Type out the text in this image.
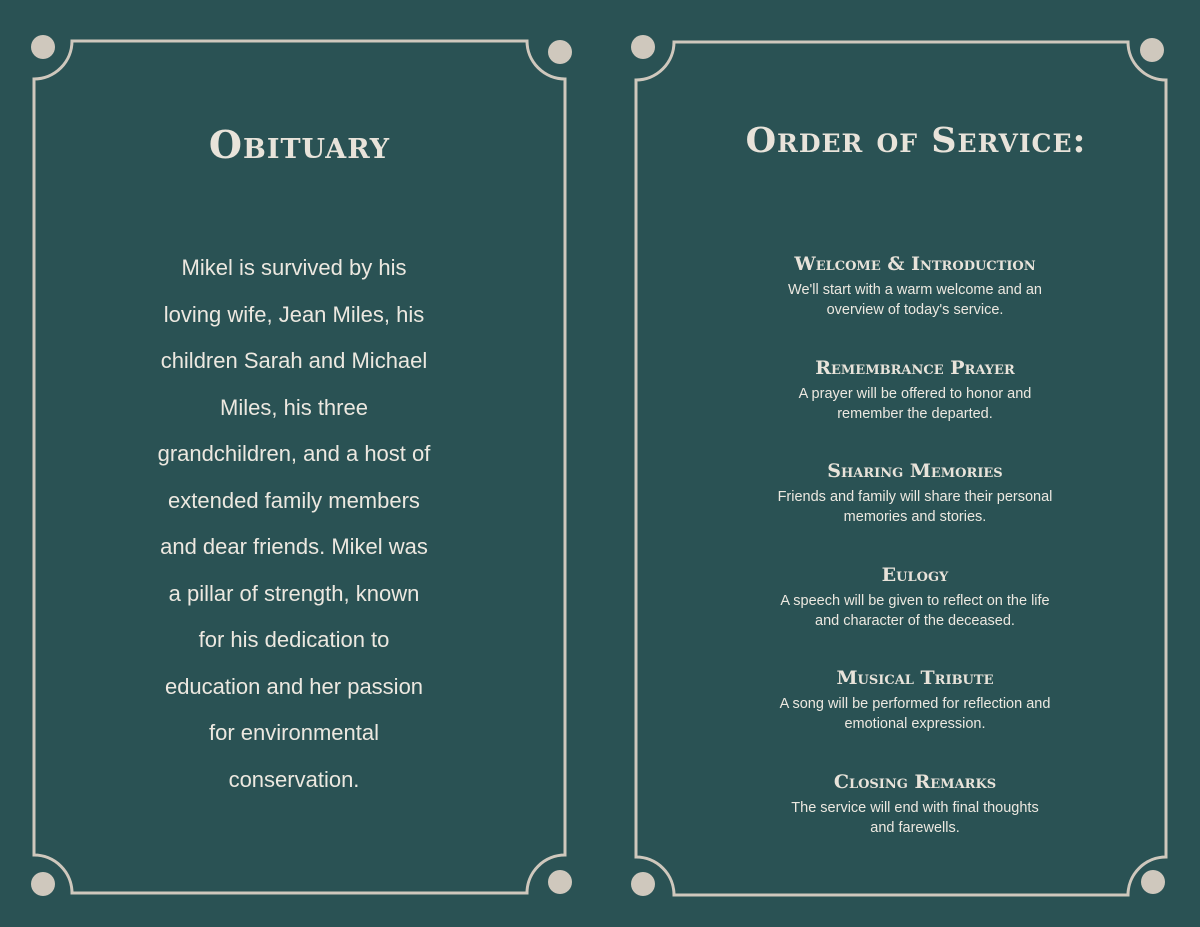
Obituary
Mikel is survived by his
loving wife, Jean Miles, his
children Sarah and Michael
Miles, his three
grandchildren, and a host of
extended family members
and dear friends. Mikel was
a pillar of strength, known
for his dedication to
education and her passion
for environmental
conservation.
Order of Service:
Welcome & Introduction

We'll start with a warm welcome and an
overview of today's service.

Remembrance Prayer

A prayer will be offered to honor and
remember the departed.

Sharing Memories

Friends and family will share their personal
memories and stories.

Eulogy

A speech will be given to reflect on the life
and character of the deceased.

Musical Tribute

A song will be performed for reflection and
emotional expression.

Closing Remarks

The service will end with final thoughts
and farewells.
